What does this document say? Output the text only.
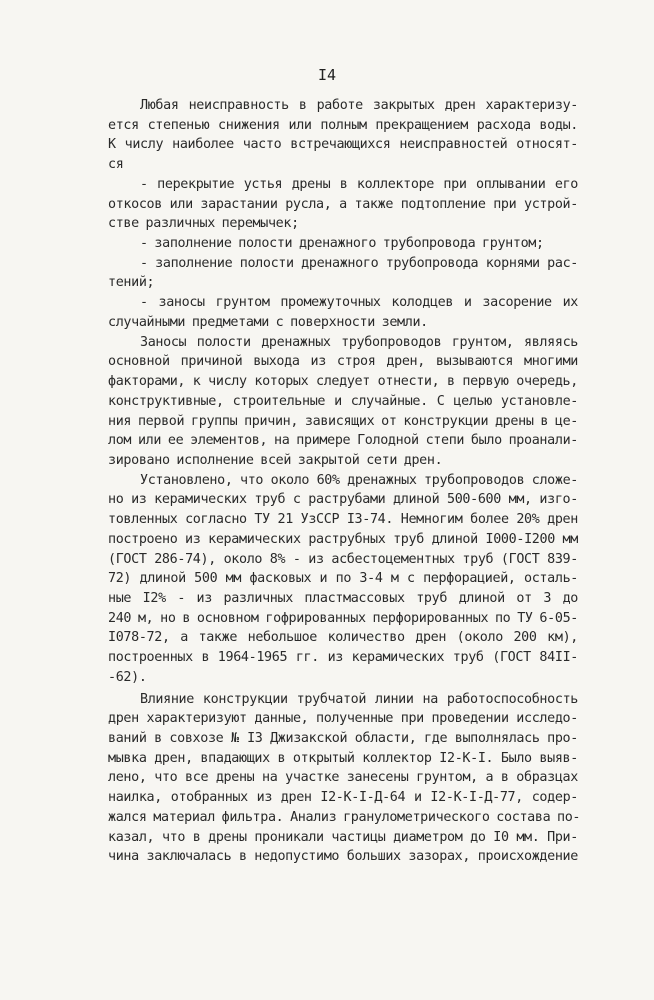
I4
Любая неисправность в работе закрытых дрен характеризу-
ется степенью снижения или полным прекращением расхода воды.
К числу наиболее часто встречающихся неисправностей относят-
ся
- перекрытие устья дрены в коллекторе при оплывании его
откосов или зарастании русла, а также подтопление при устрой-
стве различных перемычек;
- заполнение полости дренажного трубопровода грунтом;
- заполнение полости дренажного трубопровода корнями рас-
тений;
- заносы грунтом промежуточных колодцев и засорение их
случайными предметами с поверхности земли.
Заносы полости дренажных трубопроводов грунтом, являясь
основной причиной выхода из строя дрен, вызываются многими
факторами, к числу которых следует отнести, в первую очередь,
конструктивные, строительные и случайные. С целью установле-
ния первой группы причин, зависящих от конструкции дрены в це-
лом или ее элементов, на примере Голодной степи было проанали-
зировано исполнение всей закрытой сети дрен.
Установлено, что около 60% дренажных трубопроводов сложе-
но из керамических труб с раструбами длиной 500-600 мм, изго-
товленных согласно ТУ 21 УзССР I3-74. Немногим более 20% дрен
построено из керамических раструбных труб длиной I000-I200 мм
(ГОСТ 286-74), около 8% - из асбестоцементных труб (ГОСТ 839-
72) длиной 500 мм фасковых и по 3-4 м с перфорацией, осталь-
ные I2% - из различных пластмассовых труб длиной от 3 до
240 м, но в основном гофрированных перфорированных по ТУ 6-05-
I078-72, а также небольшое количество дрен (около 200 км),
построенных в 1964-1965 гг. из керамических труб (ГОСТ 84II-
-62).
Влияние конструкции трубчатой линии на работоспособность
дрен характеризуют данные, полученные при проведении исследо-
ваний в совхозе № I3 Джизакской области, где выполнялась про-
мывка дрен, впадающих в открытый коллектор I2-К-I. Было выяв-
лено, что все дрены на участке занесены грунтом, а в образцах
наилка, отобранных из дрен I2-К-I-Д-64 и I2-К-I-Д-77, содер-
жался материал фильтра. Анализ гранулометрического состава по-
казал, что в дрены проникали частицы диаметром до I0 мм. При-
чина заключалась в недопустимо больших зазорах, происхождение
